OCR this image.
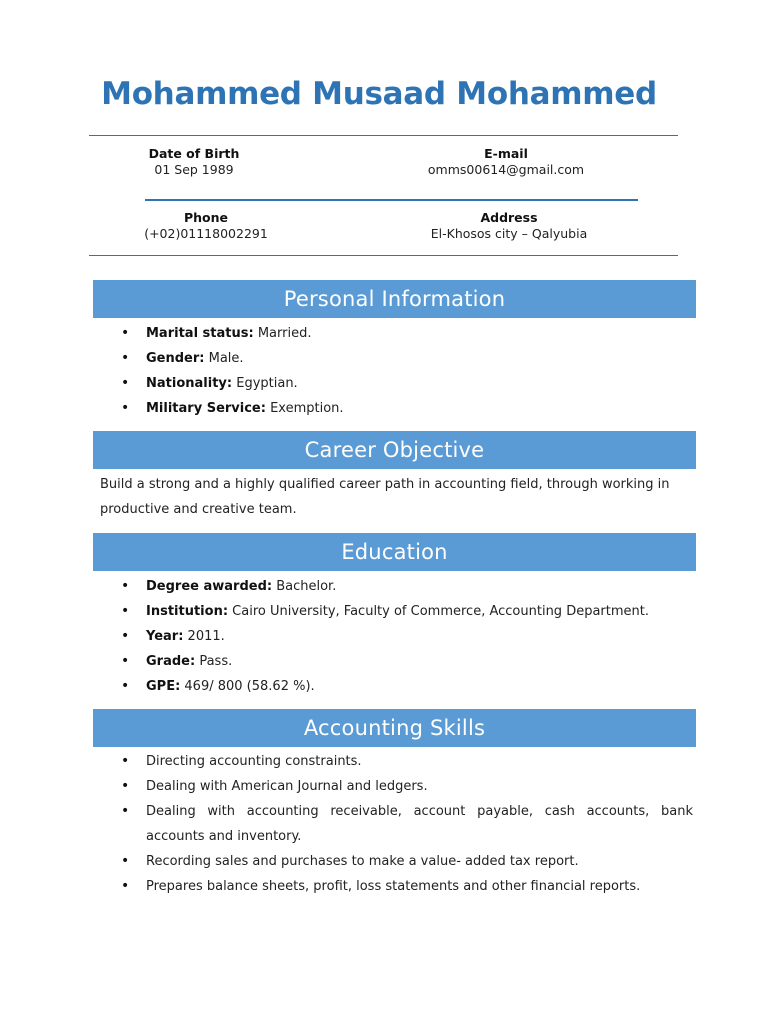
Mohammed Musaad Mohammed
Date of Birth
01 Sep 1989
E-mail
omms00614@gmail.com
Phone
(+02)01118002291
Address
El-Khosos city – Qalyubia
Personal Information
• Marital status: Married.
• Gender: Male.
• Nationality: Egyptian.
• Military Service: Exemption.
Career Objective

Build a strong and a highly qualified career path in accounting field, through working in productive and creative team.

Education
• Degree awarded: Bachelor.
• Institution: Cairo University, Faculty of Commerce, Accounting Department.
• Year: 2011.
• Grade: Pass.
• GPE: 469/ 800 (58.62 %).
Accounting Skills
• Directing accounting constraints.
• Dealing with American Journal and ledgers.
• Dealing with accounting receivable, account payable, cash accounts, bank accounts and inventory.
• Recording sales and purchases to make a value- added tax report.
• Prepares balance sheets, profit, loss statements and other financial reports.
